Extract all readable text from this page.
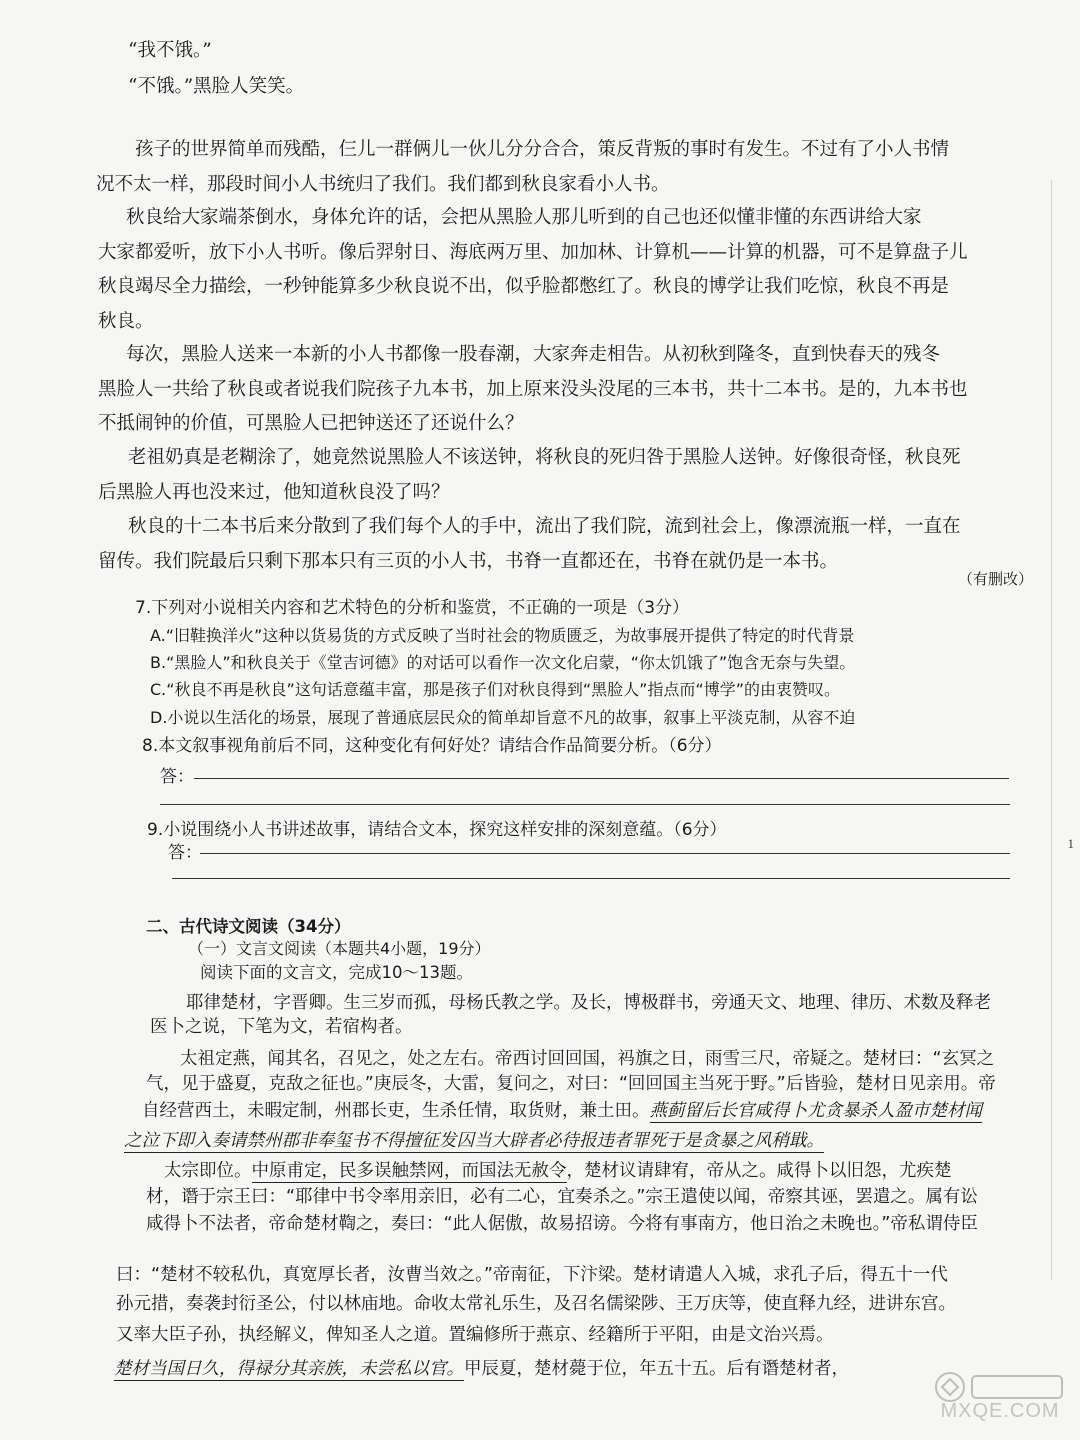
1
“我不饿。”
“不饿。”黑脸人笑笑。
孩子的世界简单而残酷，仨儿一群俩儿一伙儿分分合合，策反背叛的事时有发生。不过有了小人书情
况不太一样，那段时间小人书统归了我们。我们都到秋良家看小人书。
秋良给大家端茶倒水，身体允许的话，会把从黑脸人那儿听到的自己也还似懂非懂的东西讲给大家
大家都爱听，放下小人书听。像后羿射日、海底两万里、加加林、计算机——计算的机器，可不是算盘子儿
秋良竭尽全力描绘，一秒钟能算多少秋良说不出，似乎脸都憋红了。秋良的博学让我们吃惊，秋良不再是
秋良。
每次，黑脸人送来一本新的小人书都像一股春潮，大家奔走相告。从初秋到隆冬，直到快春天的残冬
黑脸人一共给了秋良或者说我们院孩子九本书，加上原来没头没尾的三本书，共十二本书。是的，九本书也
不抵闹钟的价值，可黑脸人已把钟送还了还说什么？
老祖奶真是老糊涂了，她竟然说黑脸人不该送钟，将秋良的死归咎于黑脸人送钟。好像很奇怪，秋良死
后黑脸人再也没来过，他知道秋良没了吗？
秋良的十二本书后来分散到了我们每个人的手中，流出了我们院，流到社会上，像漂流瓶一样，一直在
留传。我们院最后只剩下那本只有三页的小人书，书脊一直都还在，书脊在就仍是一本书。
（有删改）
7.下列对小说相关内容和艺术特色的分析和鉴赏，不正确的一项是（3分）
A.“旧鞋换洋火”这种以货易货的方式反映了当时社会的物质匮乏，为故事展开提供了特定的时代背景
B.“黑脸人”和秋良关于《堂吉诃德》的对话可以看作一次文化启蒙，“你太饥饿了”饱含无奈与失望。
C.“秋良不再是秋良”这句话意蕴丰富，那是孩子们对秋良得到“黑脸人”指点而“博学”的由衷赞叹。
D.小说以生活化的场景，展现了普通底层民众的简单却旨意不凡的故事，叙事上平淡克制，从容不迫
8.本文叙事视角前后不同，这种变化有何好处？请结合作品简要分析。（6分）
答：
9.小说围绕小人书讲述故事，请结合文本，探究这样安排的深刻意蕴。（6分）
答：
二、古代诗文阅读（34分）
（一）文言文阅读（本题共4小题，19分）
阅读下面的文言文，完成10～13题。
耶律楚材，字晋卿。生三岁而孤，母杨氏教之学。及长，博极群书，旁通天文、地理、律历、术数及释老
医卜之说，下笔为文，若宿构者。
太祖定燕，闻其名，召见之，处之左右。帝西讨回回国，祃旗之日，雨雪三尺，帝疑之。楚材曰：“玄冥之
气，见于盛夏，克敌之征也。”庚辰冬，大雷，复问之，对曰：“回回国主当死于野。”后皆验，楚材日见亲用。帝
自经营西土，未暇定制，州郡长吏，生杀任情，取货财，兼土田。燕蓟留后长官咸得卜尤贪暴杀人盈市楚材闻
之泣下即入奏请禁州郡非奉玺书不得擅征发囚当大辟者必待报违者罪死于是贪暴之风稍戢。
太宗即位。中原甫定，民多误触禁网，而国法无赦令，楚材议请肆宥，帝从之。咸得卜以旧怨，尤疾楚
材，谮于宗王曰：“耶律中书令率用亲旧，必有二心，宜奏杀之。”宗王遣使以闻，帝察其诬，罢遣之。属有讼
咸得卜不法者，帝命楚材鞫之，奏曰：“此人倨傲，故易招谤。今将有事南方，他日治之未晚也。”帝私谓侍臣
曰：“楚材不较私仇，真宽厚长者，汝曹当效之。”帝南征，下汴梁。楚材请遣人入城，求孔子后，得五十一代
孙元措，奏袭封衍圣公，付以林庙地。命收太常礼乐生，及召名儒梁陟、王万庆等，使直释九经，进讲东宫。
又率大臣子孙，执经解义，俾知圣人之道。置编修所于燕京、经籍所于平阳，由是文治兴焉。
楚材当国日久，得禄分其亲族，未尝私以官。甲辰夏，楚材薨于位，年五十五。后有谮楚材者，
MXQE.COM
